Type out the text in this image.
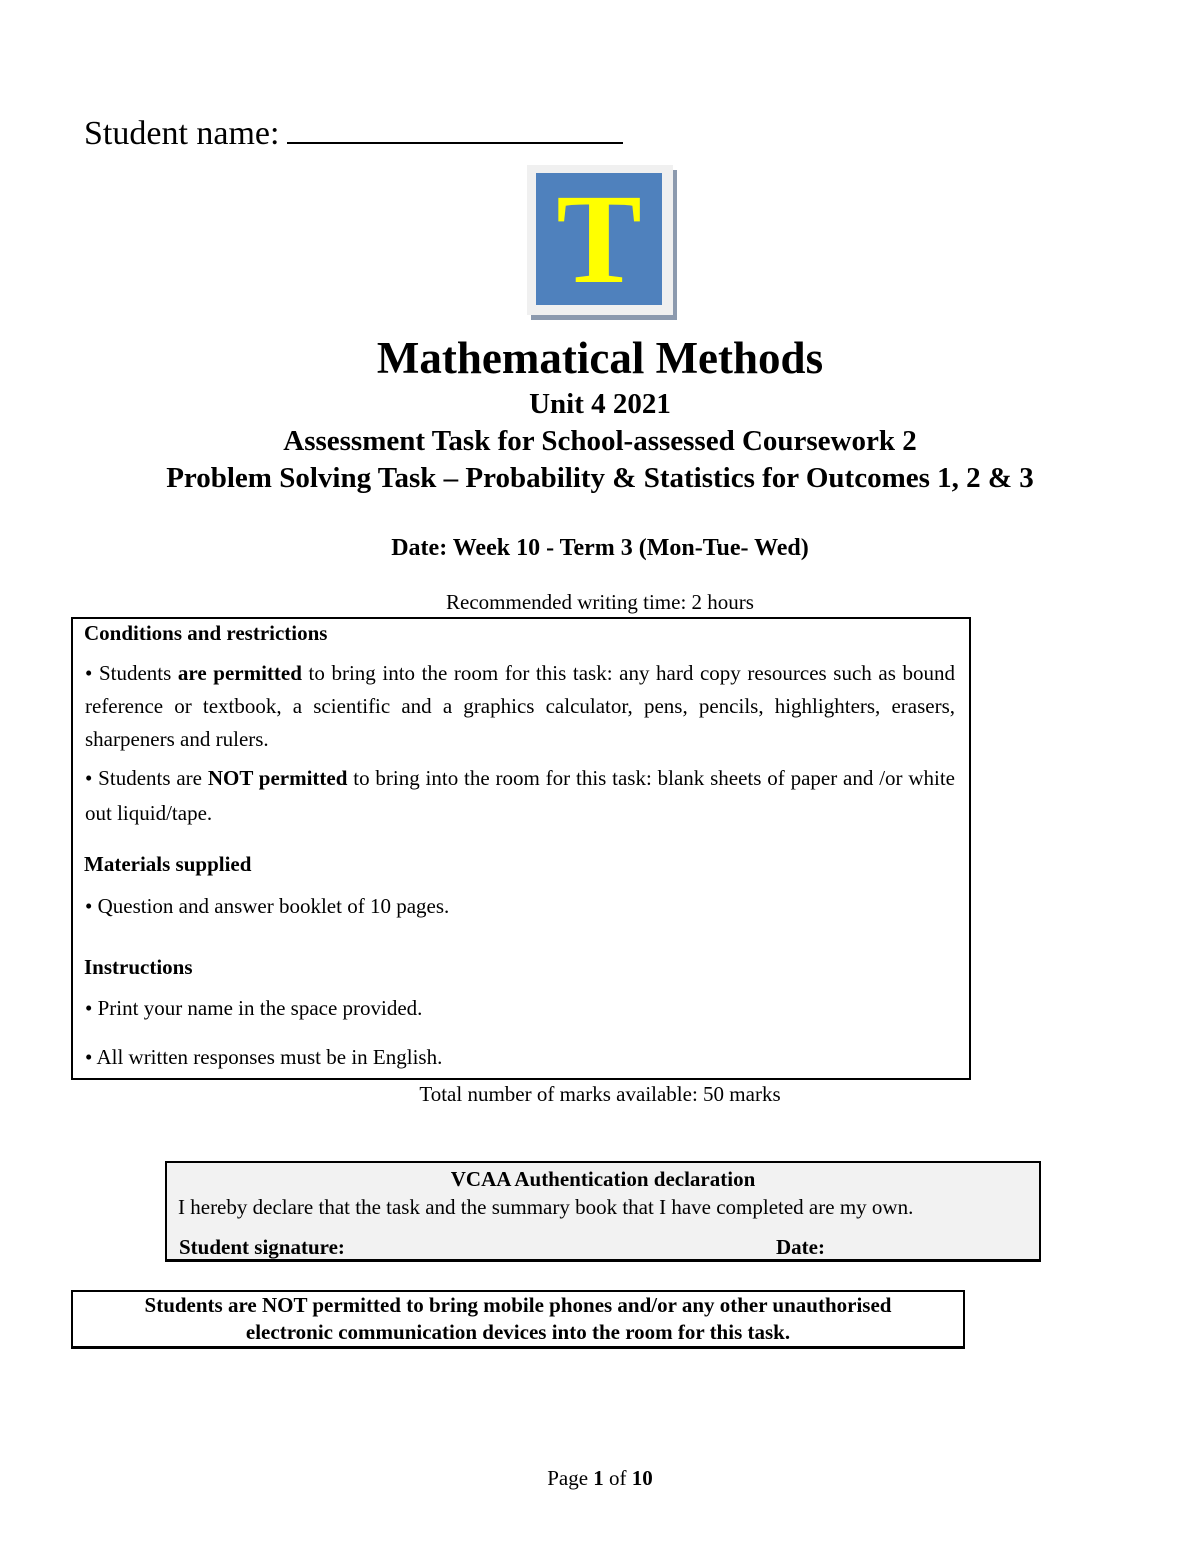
Student name:
T
Mathematical Methods
Unit 4 2021
Assessment Task for School-assessed Coursework 2
Problem Solving Task – Probability & Statistics for Outcomes 1, 2 & 3
Date: Week 10 - Term 3 (Mon-Tue- Wed)
Recommended writing time: 2 hours
Conditions and restrictions
• Students are permitted to bring into the room for this task: any hard copy resources such as bound reference or textbook, a scientific and a graphics calculator, pens, pencils, highlighters, erasers, sharpeners and rulers.
• Students are NOT permitted to bring into the room for this task: blank sheets of paper and /or white out liquid/tape.
Materials supplied
• Question and answer booklet of 10 pages.
Instructions
• Print your name in the space provided.
• All written responses must be in English.
Total number of marks available: 50 marks
VCAA Authentication declaration
I hereby declare that the task and the summary book that I have completed are my own.
Student signature:	Date:
Students are NOT permitted to bring mobile phones and/or any other unauthorised
electronic communication devices into the room for this task.
Page 1 of 10
